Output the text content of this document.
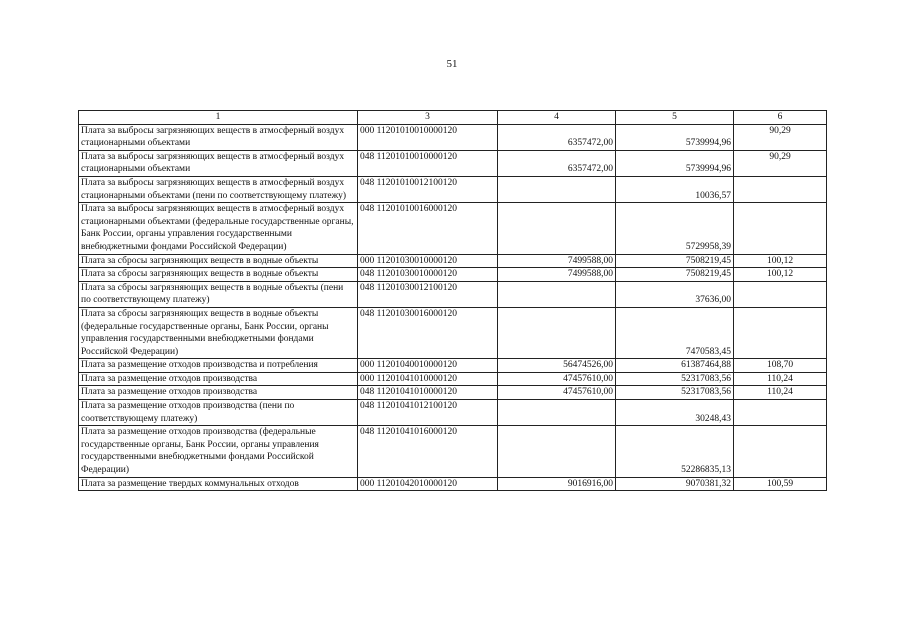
51
1	3	4	5	6
Плата за выбросы загрязняющих веществ в атмосферный воздух стационарными объектами	000 11201010010000120	6357472,00	5739994,96	90,29
Плата за выбросы загрязняющих веществ в атмосферный воздух стационарными объектами	048 11201010010000120	6357472,00	5739994,96	90,29
Плата за выбросы загрязняющих веществ в атмосферный воздух стационарными объектами (пени по соответствующему платежу)	048 11201010012100120		10036,57	
Плата за выбросы загрязняющих веществ в атмосферный воздух стационарными объектами (федеральные государственные органы, Банк России, органы управления государственными внебюджетными фондами Российской Федерации)	048 11201010016000120		5729958,39	
Плата за сбросы загрязняющих веществ в водные объекты	000 11201030010000120	7499588,00	7508219,45	100,12
Плата за сбросы загрязняющих веществ в водные объекты	048 11201030010000120	7499588,00	7508219,45	100,12
Плата за сбросы загрязняющих веществ в водные объекты (пени по соответствующему платежу)	048 11201030012100120		37636,00	
Плата за сбросы загрязняющих веществ в водные объекты (федеральные государственные органы, Банк России, органы управления государственными внебюджетными фондами Российской Федерации)	048 11201030016000120		7470583,45	
Плата за размещение отходов производства и потребления	000 11201040010000120	56474526,00	61387464,88	108,70
Плата за размещение отходов производства	000 11201041010000120	47457610,00	52317083,56	110,24
Плата за размещение отходов производства	048 11201041010000120	47457610,00	52317083,56	110,24
Плата за размещение отходов производства (пени по соответствующему платежу)	048 11201041012100120		30248,43	
Плата за размещение отходов производства (федеральные государственные органы, Банк России, органы управления государственными внебюджетными фондами Российской Федерации)	048 11201041016000120		52286835,13	
Плата за размещение твердых коммунальных отходов	000 11201042010000120	9016916,00	9070381,32	100,59
